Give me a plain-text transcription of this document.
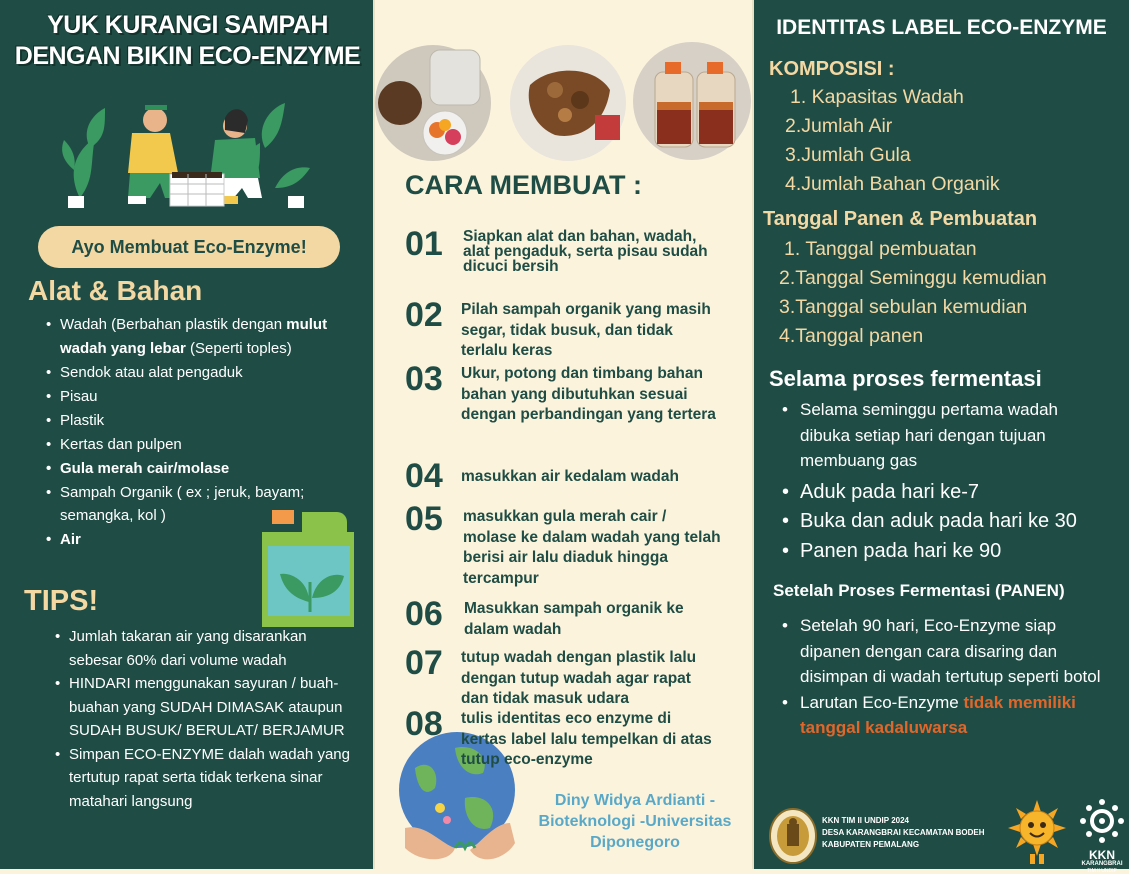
YUK KURANGI SAMPAH
DENGAN BIKIN ECO-ENZYME
Ayo Membuat Eco-Enzyme!
Alat & Bahan
• Wadah (Berbahan plastik dengan mulut wadah yang lebar (Seperti toples)
• Sendok atau alat pengaduk
• Pisau
• Plastik
• Kertas dan pulpen
• Gula merah cair/molase
• Sampah Organik ( ex ; jeruk, bayam; semangka, kol )
• Air
TIPS!
• Jumlah takaran air yang disarankan sebesar 60% dari volume wadah
• HINDARI menggunakan sayuran / buah-buahan yang SUDAH DIMASAK ataupun SUDAH BUSUK/ BERULAT/ BERJAMUR
• Simpan ECO-ENZYME dalah wadah yang tertutup rapat serta tidak terkena sinar matahari langsung
CARA MEMBUAT :
01 Siapkan alat dan bahan, wadah, alat pengaduk, serta pisau sudah dicuci bersih
02 Pilah sampah organik yang masih segar, tidak busuk, dan tidak terlalu keras
03 Ukur, potong dan timbang bahan bahan yang dibutuhkan sesuai dengan perbandingan yang tertera
04 masukkan air kedalam wadah
05 masukkan gula merah cair / molase ke dalam wadah yang telah berisi air lalu diaduk hingga tercampur
06 Masukkan sampah organik ke dalam wadah
07 tutup wadah dengan plastik lalu dengan tutup wadah agar rapat dan tidak masuk udara
08 tulis identitas eco enzyme di kertas label lalu tempelkan di atas tutup eco-enzyme
Diny Widya Ardianti -
Bioteknologi -Universitas
Diponegoro
IDENTITAS LABEL ECO-ENZYME
KOMPOSISI :
1. Kapasitas Wadah
2.Jumlah Air
3.Jumlah Gula
4.Jumlah Bahan Organik
Tanggal Panen & Pembuatan
1. Tanggal pembuatan
2.Tanggal Seminggu kemudian
3.Tanggal sebulan kemudian
4.Tanggal panen
Selama proses fermentasi
• Selama seminggu pertama wadah dibuka setiap hari dengan tujuan membuang gas
• Aduk pada hari ke-7
• Buka dan aduk pada hari ke 30
• Panen pada hari ke 90
Setelah Proses Fermentasi (PANEN)
• Setelah 90 hari, Eco-Enzyme siap dipanen dengan cara disaring dan disimpan di wadah tertutup seperti botol
• Larutan Eco-Enzyme tidak memiliki tanggal kadaluwarsa
KKN TIM II UNDIP 2024
DESA KARANGBRAI KECAMATAN BODEH
KABUPATEN PEMALANG
KKN
KARANGBRAI
TIM II UNDIP
